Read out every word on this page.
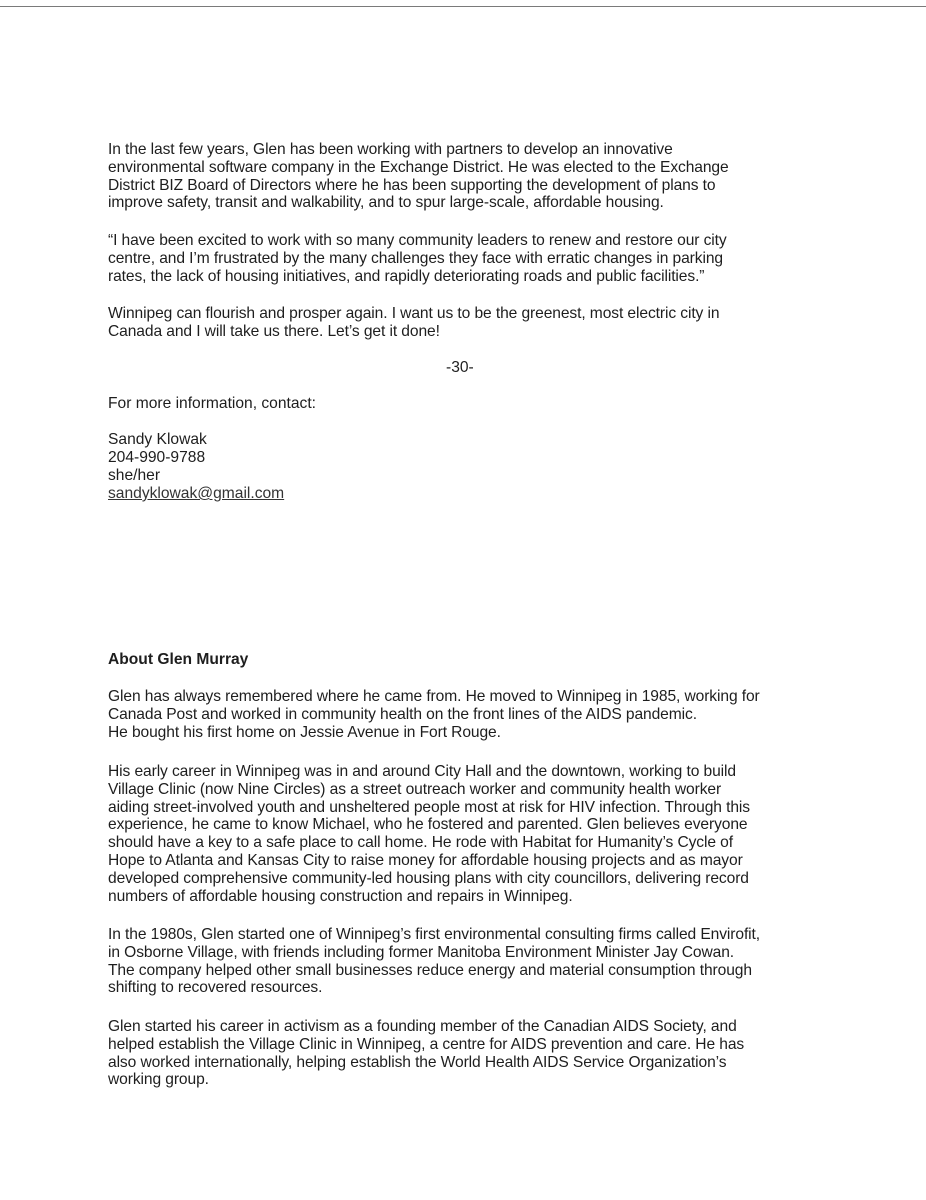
In the last few years, Glen has been working with partners to develop an innovative
environmental software company in the Exchange District. He was elected to the Exchange
District BIZ Board of Directors where he has been supporting the development of plans to
improve safety, transit and walkability, and to spur large-scale, affordable housing.

“I have been excited to work with so many community leaders to renew and restore our city
centre, and I’m frustrated by the many challenges they face with erratic changes in parking
rates, the lack of housing initiatives, and rapidly deteriorating roads and public facilities.”

Winnipeg can flourish and prosper again. I want us to be the greenest, most electric city in
Canada and I will take us there. Let’s get it done!

-30-

For more information, contact:

Sandy Klowak

204-990-9788

she/her

sandyklowak@gmail.com

About Glen Murray

Glen has always remembered where he came from. He moved to Winnipeg in 1985, working for
Canada Post and worked in community health on the front lines of the AIDS pandemic.
He bought his first home on Jessie Avenue in Fort Rouge.

His early career in Winnipeg was in and around City Hall and the downtown, working to build
Village Clinic (now Nine Circles) as a street outreach worker and community health worker
aiding street-involved youth and unsheltered people most at risk for HIV infection. Through this
experience, he came to know Michael, who he fostered and parented. Glen believes everyone
should have a key to a safe place to call home. He rode with Habitat for Humanity’s Cycle of
Hope to Atlanta and Kansas City to raise money for affordable housing projects and as mayor
developed comprehensive community-led housing plans with city councillors, delivering record
numbers of affordable housing construction and repairs in Winnipeg.

In the 1980s, Glen started one of Winnipeg’s first environmental consulting firms called Envirofit,
in Osborne Village, with friends including former Manitoba Environment Minister Jay Cowan.
The company helped other small businesses reduce energy and material consumption through
shifting to recovered resources.

Glen started his career in activism as a founding member of the Canadian AIDS Society, and
helped establish the Village Clinic in Winnipeg, a centre for AIDS prevention and care. He has
also worked internationally, helping establish the World Health AIDS Service Organization’s
working group.
